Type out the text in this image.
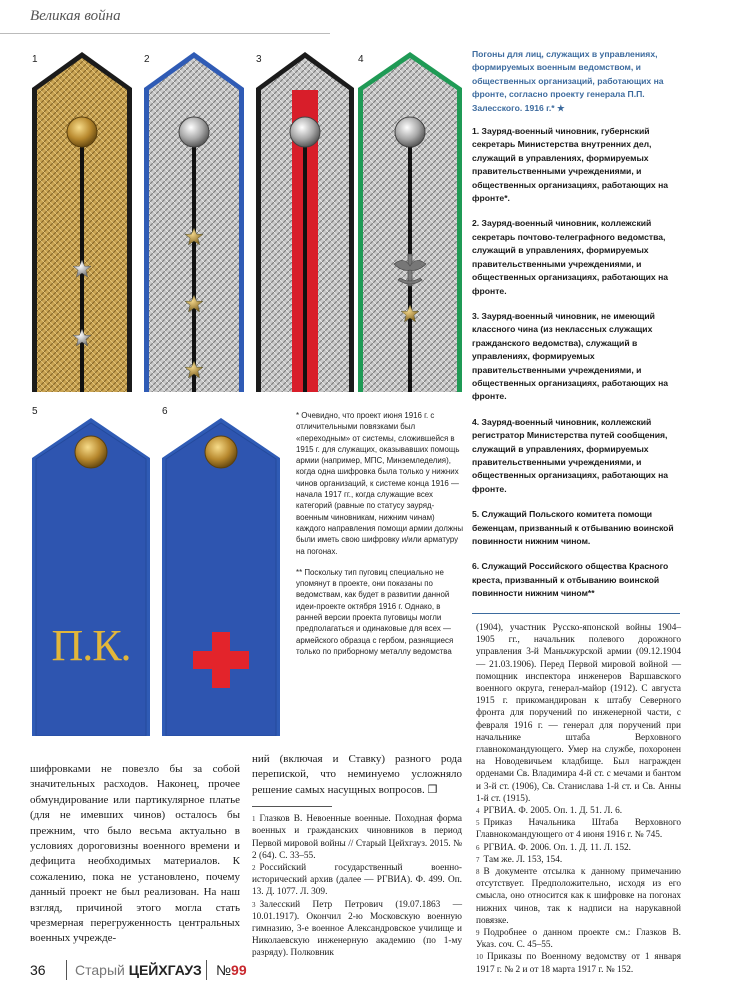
Великая война
1	2	3	4
5	6
П.К.
Погоны для лиц, служащих в управлениях, формируемых военным ведомством, и общественных организаций, работающих на фронте, согласно проекту генерала П.П. Залесского. 1916 г.* ★
1. Зауряд-военный чиновник, губернский секретарь Министерства внутренних дел, служащий в управлениях, формируемых правительственными учреждениями, и общественных организациях, работающих на фронте*.
2. Зауряд-военный чиновник, коллежский секретарь почтово-телеграфного ведомства, служащий в управлениях, формируемых правительственными учреждениями, и общественных организациях, работающих на фронте.
3. Зауряд-военный чиновник, не имеющий классного чина (из некласcных служащих гражданского ведомства), служащий в управлениях, формируемых правительственными учреждениями, и общественных организациях, работающих на фронте.
4. Зауряд-военный чиновник, коллежский регистратор Министерства путей сообщения, служащий в управлениях, формируемых правительственными учреждениями, и общественных организациях, работающих на фронте.
5. Служащий Польского комитета помощи беженцам, призванный к отбыванию воинской повинности нижним чином.
6. Служащий Российского общества Красного креста, призванный к отбыванию воинской повинности нижним чином**

* Очевидно, что проект июня 1916 г. с отличительными повязками был «переходным» от системы, сложившейся в 1915 г. для служащих, оказывавших помощь армии (например, МПС, Минземледелия), когда одна шифровка была только у нижних чинов организаций, к системе конца 1916 — начала 1917 гг., когда служащие всех категорий (равные по статусу зауряд-военным чиновникам, нижним чинам) каждого направления помощи армии должны были иметь свою шифровку и/или арматуру на погонах.

** Поскольку тип пуговиц специально не упомянут в проекте, они показаны по ведомствам, как будет в развитии данной идеи-проекте октября 1916 г. Однако, в ранней версии проекта пуговицы могли предполагаться и одинаковые для всех — армейского образца с гербом, разнящиеся только по приборному металлу ведомства

шифровками не повезло бы за собой значительных расходов. Наконец, прочее обмундирование или партикулярное платье (для не имевших чинов) осталось бы прежним, что было весьма актуально в условиях дороговизны военного времени и дефицита необходимых материалов. К сожалению, пока не установлено, почему данный проект не был реализован. На наш взгляд, причиной этого могла стать чрезмерная перегруженность центральных военных учрежде-

ний (включая и Ставку) разного рода перепиской, что неминуемо усложняло решение самых насущных вопросов. ❒

$^1$ Глазков В. Невоенные военные. Походная форма военных и гражданских чиновников в период Первой мировой войны // Старый Цейхгауз. 2015. № 2 (64). С. 33–55.
$^2$ Российский государственный военно-исторический архив (далее — РГВИА). Ф. 499. Оп. 13. Д. 1077. Л. 309.
$^3$ Залесский Петр Петрович (19.07.1863 — 10.01.1917). Окончил 2-ю Московскую военную гимназию, 3-е военное Александровское училище и Николаевскую инженерную академию (по 1-му разряду). Полковник

(1904), участник Русско-японской войны 1904–1905 гг., начальник полевого дорожного управления 3-й Маньчжурской армии (09.12.1904 — 21.03.1906). Перед Первой мировой войной — помощник инспектора инженеров Варшавского военного округа, генерал-майор (1912). С августа 1915 г. прикомандирован к штабу Северного фронта для поручений по инженерной части, с февраля 1916 г. — генерал для поручений при начальнике штаба Верховного главнокомандующего. Умер на службе, похоронен на Новодевичьем кладбище. Был награжден орденами Св. Владимира 4-й ст. с мечами и бантом и 3-й ст. (1906), Св. Станислава 1-й ст. и Св. Анны 1-й ст. (1915).

$^4$ РГВИА. Ф. 2005. Оп. 1. Д. 51. Л. 6.
$^5$ Приказ Начальника Штаба Верховного Главнокомандующего от 4 июня 1916 г. № 745.
$^6$ РГВИА. Ф. 2006. Оп. 1. Д. 11. Л. 152.
$^7$ Там же. Л. 153, 154.
$^8$ В документе отсылка к данному примечанию отсутствует. Предположительно, исходя из его смысла, оно относится как к шифровке на погонах нижних чинов, так к надписи на нарукавной повязке.
$^9$ Подробнее о данном проекте см.: Глазков В. Указ. соч. С. 45–55.
$^{10}$ Приказы по Военному ведомству от 1 января 1917 г. № 2 и от 18 марта 1917 г. № 152.
36 Старый ЦЕЙХГАУЗ №99
